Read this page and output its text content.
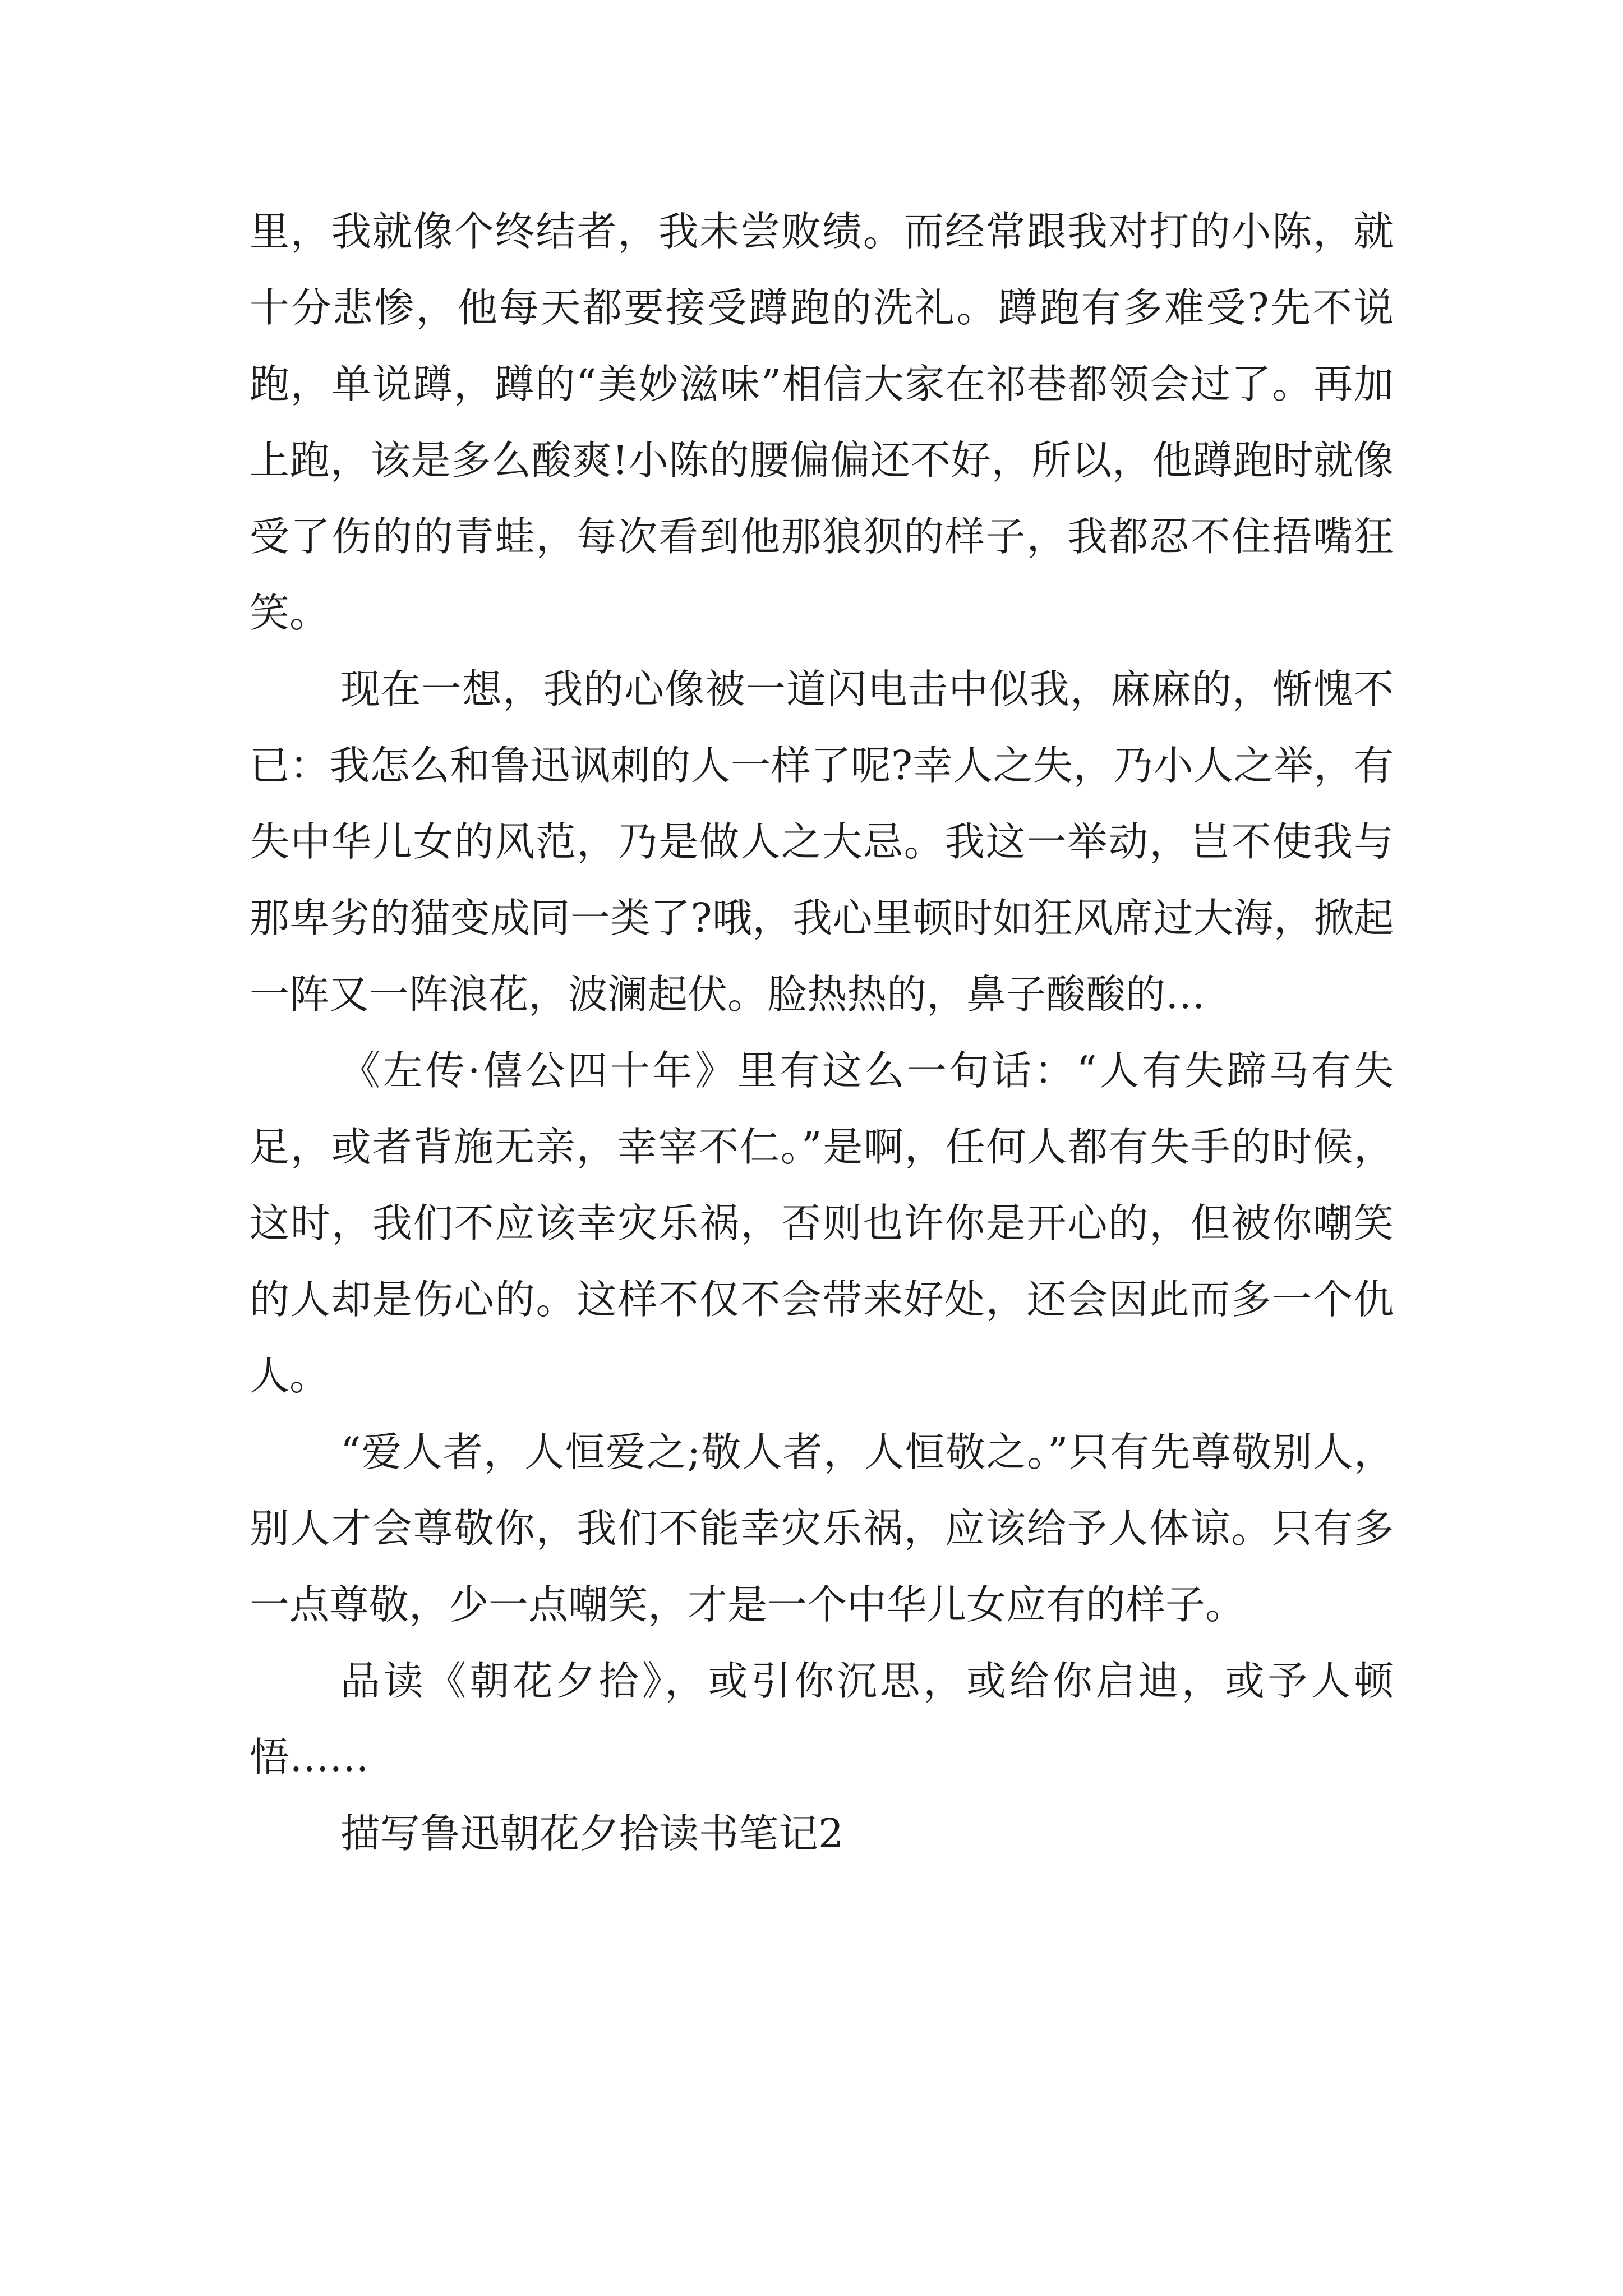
里，我就像个终结者，我未尝败绩。而经常跟我对打的小陈，就十分悲惨，他每天都要接受蹲跑的洗礼。蹲跑有多难受?先不说跑，单说蹲，蹲的“美妙滋味”相信大家在祁巷都领会过了。再加上跑，该是多么酸爽!小陈的腰偏偏还不好，所以，他蹲跑时就像受了伤的的青蛙，每次看到他那狼狈的样子，我都忍不住捂嘴狂笑。

现在一想，我的心像被一道闪电击中似我，麻麻的，惭愧不已：我怎么和鲁迅讽刺的人一样了呢?幸人之失，乃小人之举，有失中华儿女的风范，乃是做人之大忌。我这一举动，岂不使我与那卑劣的猫变成同一类了?哦，我心里顿时如狂风席过大海，掀起一阵又一阵浪花，波澜起伏。脸热热的，鼻子酸酸的…

《左传·僖公四十年》里有这么一句话：“人有失蹄马有失足，或者背施无亲，幸宰不仁。”是啊，任何人都有失手的时候，这时，我们不应该幸灾乐祸，否则也许你是开心的，但被你嘲笑的人却是伤心的。这样不仅不会带来好处，还会因此而多一个仇人。

“爱人者，人恒爱之;敬人者，人恒敬之。”只有先尊敬别人，别人才会尊敬你，我们不能幸灾乐祸，应该给予人体谅。只有多一点尊敬，少一点嘲笑，才是一个中华儿女应有的样子。

品读《朝花夕拾》，或引你沉思，或给你启迪，或予人顿悟……

描写鲁迅朝花夕拾读书笔记2
